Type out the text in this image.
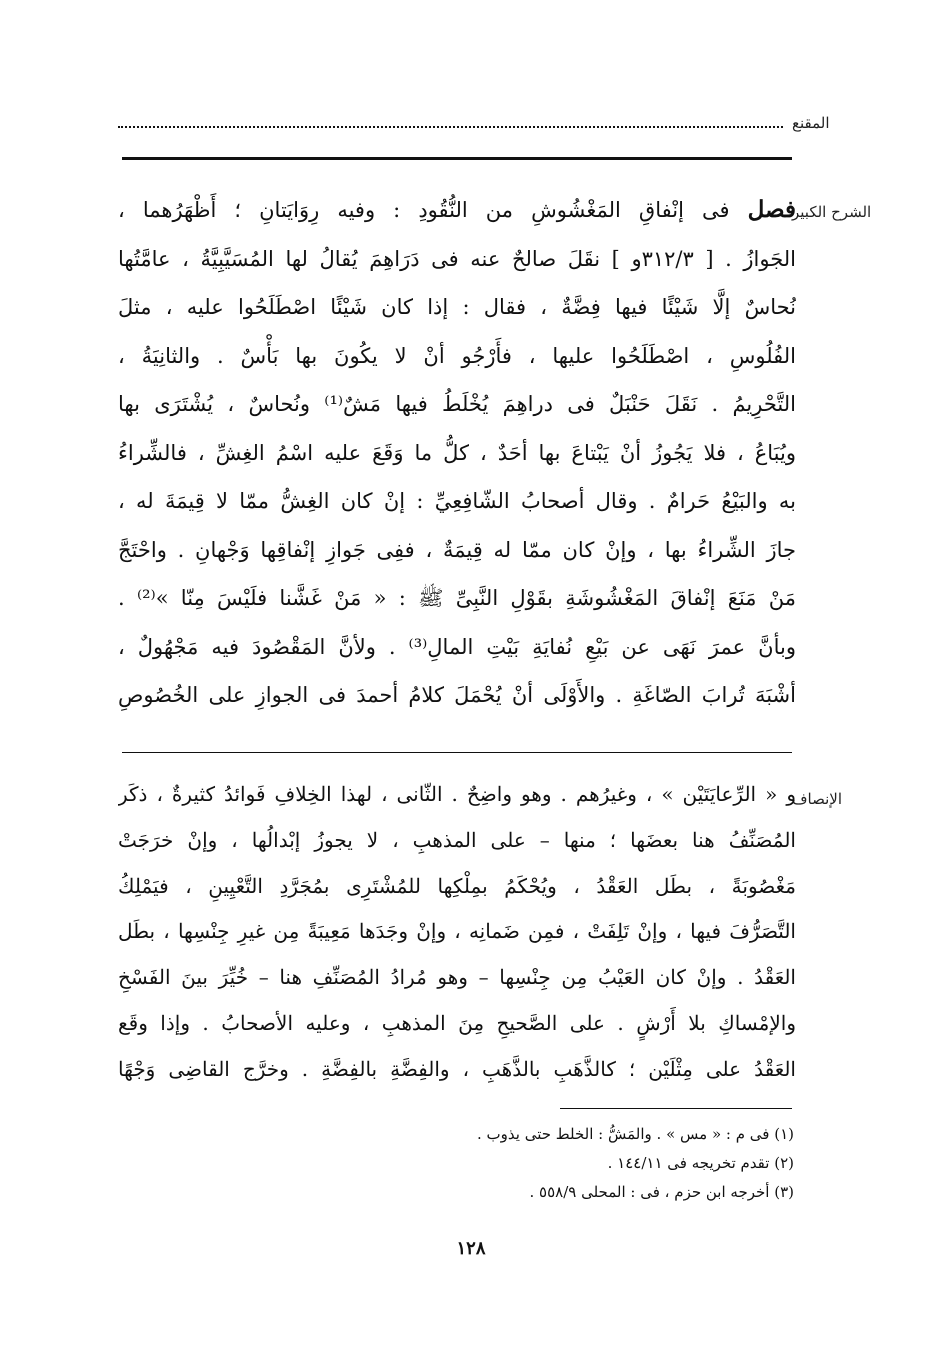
المقنع
الشرح الكبير
فصل فى إنْفاقِ المَغْشُوشِ من النُّقُودِ : وفيه رِوَايَتانِ ؛ أَظْهَرُهما ،
الجَوازُ . [ ٣١٢/٣و ] نقَلَ صالحٌ عنه فى دَرَاهِمَ يُقالُ لها المُسَيَّبِيَّةُ ، عامَّتُها
نُحاسٌ إلَّا شَيْئًا فيها فِضَّةٌ ، فقال : إذا كان شَيْئًا اصْطَلَحُوا عليه ، مثلَ
الفُلُوسِ ، اصْطَلَحُوا عليها ، فأَرْجُو أنْ لا يكُونَ بها بَأْسٌ . والثانِيَةُ ،
التَّحْرِيمُ . نَقَلَ حَنْبَلٌ فى دراهِمَ يُخْلَطُ فيها مَشٌ⁽¹⁾ ونُحاسٌ ، يُشْتَرَى بها
ويُبَاعُ ، فلا يَجُوزُ أنْ يَبْتاعَ بها أحَدٌ ، كلُّ ما وَقَعَ عليه اسْمُ الغِشِّ ، فالشِّراءُ
به والبَيْعُ حَرامٌ . وقال أصحابُ الشّافِعِيِّ : إنْ كان الغِشُّ ممّا لا قِيمَةَ له ،
جازَ الشِّراءُ بها ، وإنْ كان ممّا له قِيمَةٌ ، ففِى جَوازِ إنْفاقِها وَجْهانِ . واحْتَجَّ
مَنْ مَنَعَ إنْفاقَ المَغْشُوشَةِ بقَوْلِ النَّبِىِّ ﷺ : « مَنْ غَشَّنا فلَيْسَ مِنّا »⁽²⁾ .
وبأنَّ عمرَ نَهَى عن بَيْعِ نُفايَةِ بَيْتِ المالِ⁽³⁾ . ولأنَّ المَقْصُودَ فيه مَجْهُولٌ ،
أشْبَهَ تُرابَ الصّاغَةِ . والأَوْلَى أنْ يُحْمَلَ كلامُ أحمدَ فى الجوازِ على الخُصُوصِ
الإنصاف
و « الرِّعايَتَيْن » ، وغيرُهم . وهو واضِحٌ . الثّانى ، لهذا الخِلافِ فَوائدُ كثيرةٌ ، ذكَر
المُصَنِّفُ هنا بعضَها ؛ منها – على المذهبِ ، لا يجوزُ إبْدالُها ، وإنْ خرَجَتْ
مَغْصُوبَةً ، بطَل العَقْدُ ، ويُحْكَمُ بمِلْكِها للمُشْتَرِى بمُجَرَّدِ التَّعْيِينِ ، فيَمْلِكُ
التَّصَرُّفَ فيها ، وإنْ تَلِفَتْ ، فمِن ضَمانِه ، وإنْ وجَدَها مَعِيبَةً مِن غيرِ جِنْسِها ، بطَل
العَقْدُ . وإنْ كان العَيْبُ مِن جِنْسِها – وهو مُرادُ المُصَنِّفِ هنا – خُيِّرَ بينَ الفَسْخِ
والإمْساكِ بلا أَرْشٍ . على الصَّحيحِ مِنَ المذهبِ ، وعليه الأصحابُ . وإذا وقَع
العَقْدُ على مِثْلَيْن ؛ كالذَّهَبِ بالذَّهَبِ ، والفِضَّةِ بالفِضَّةِ . وخرَّج القاضِى وَجْهًا
(١) فى م : « مس » . والمَشُّ : الخلط حتى يذوب .
(٢) تقدم تخريجه فى ١٤٤/١١ .
(٣) أخرجه ابن حزم ، فى : المحلى ٥٥٨/٩ .
١٢٨
